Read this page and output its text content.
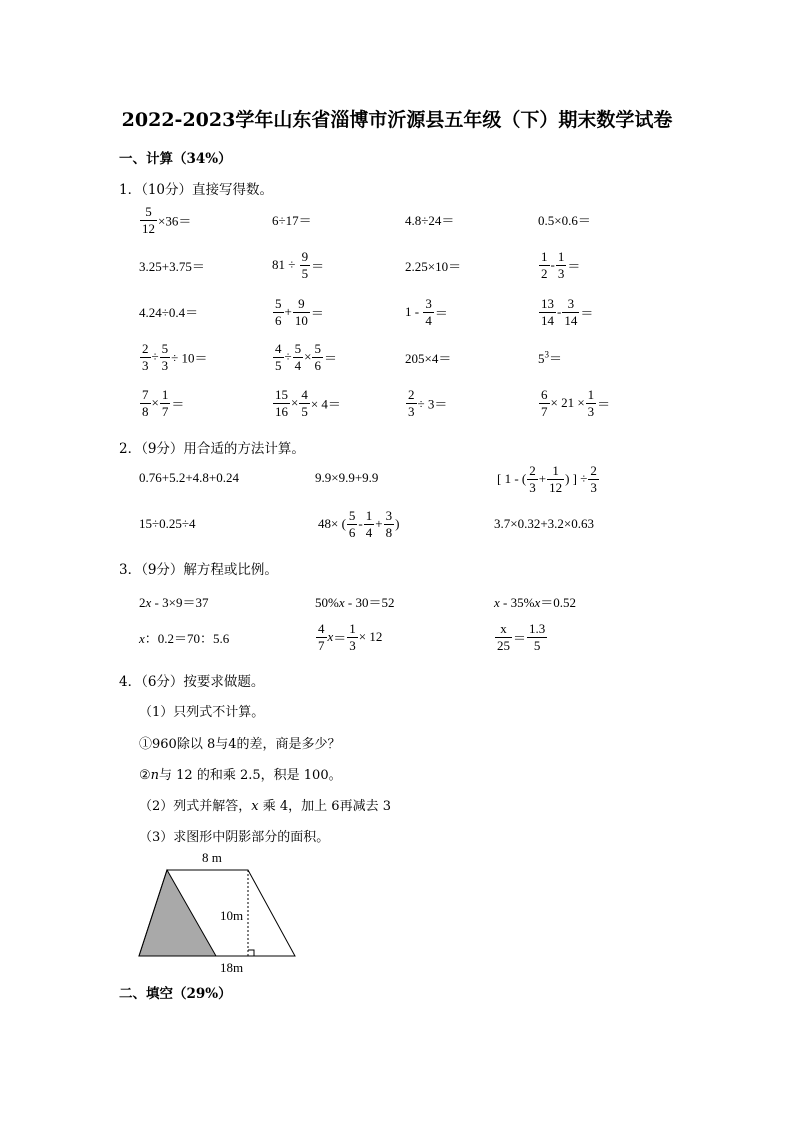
2022-2023学年山东省淄博市沂源县五年级（下）期末数学试卷
一、计算（34%）
1．（10分）直接写得数。
$\frac{5}{12} \times 36=$	6÷17＝	4.8÷24＝	0.5×0.6＝
3.25+3.75＝	$81 \div \frac{9}{5}$ ＝	2.25×10＝	$\frac{1}{2} - \frac{1}{3}$ ＝
4.24÷0.4＝	$\frac{5}{6} + \frac{9}{10}$ ＝	$1 - \frac{3}{4}$ ＝	$\frac{13}{14} - \frac{3}{14}$ ＝
$\frac{2}{3} \div \frac{5}{3} \div 10=$	$\frac{4}{5} \div \frac{5}{4} \times \frac{5}{6}$ ＝	205×4＝	$5^3=$
$\frac{7}{8} \times \frac{1}{7}$ ＝	$\frac{15}{16} \times \frac{4}{5} \times 4=$	$\frac{2}{3} \div 3=$	$\frac{6}{7} \times 21 \times \frac{1}{3}$ ＝
2．（9分）用合适的方法计算。
0.76+5.2+4.8+0.24	9.9×9.9+9.9	[ 1 - ( $\frac{2}{3} + \frac{1}{12}$ ) ] ÷ $\frac{2}{3}$
15÷0.25÷4	48× ( $\frac{5}{6} - \frac{1}{4} + \frac{3}{8}$ )	3.7×0.32+3.2×0.63
3．（9分）解方程或比例。
2x - 3×9＝37	50%x - 30＝52	x - 35%x＝0.52
x：0.2＝70：5.6	$\frac{4}{7} x= \frac{1}{3} \times 12$	$\frac{x}{25} = \frac{1.3}{5}$
4．（6分）按要求做题。
（1）只列式不计算。
①960除以 8与4的差，商是多少？
②n与 12 的和乘 2.5，积是 100。
（2）列式并解答，x 乘 4，加上 6再减去 3
（3）求图形中阴影部分的面积。
8 m
10m
18m
二、填空（29%）
